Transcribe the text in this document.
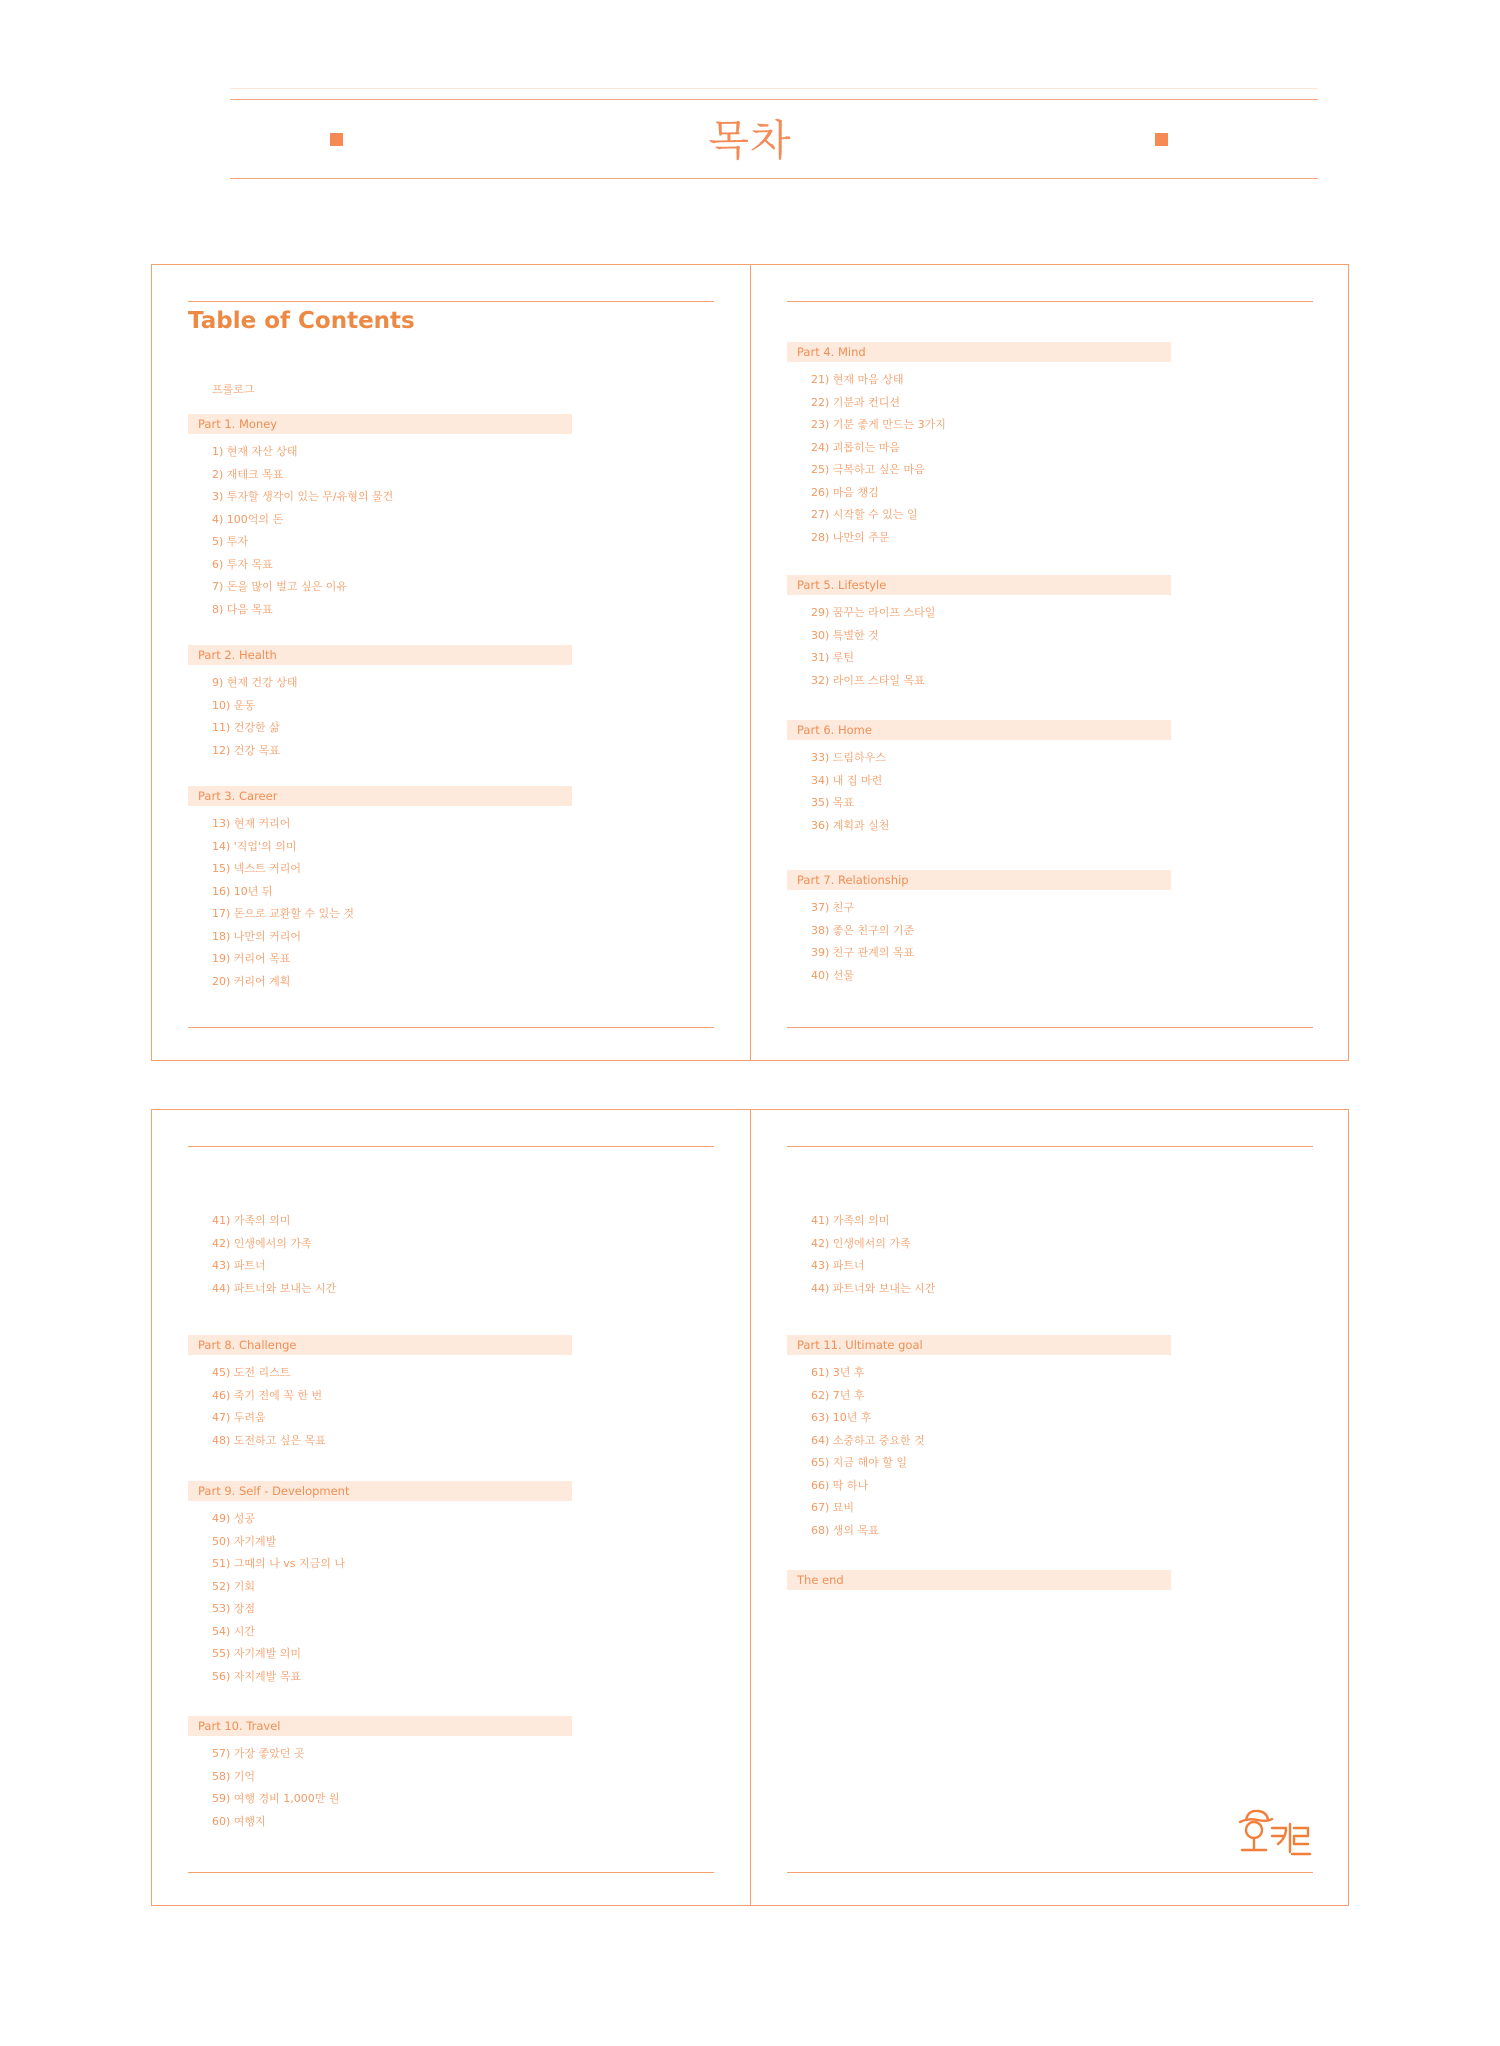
목차
Table of Contents
프롤로그
Part 1. Money
1) 현재 자산 상태
2) 재테크 목표
3) 투자할 생각이 있는 무/유형의 물건
4) 100억의 돈
5) 투자
6) 투자 목표
7) 돈을 많이 벌고 싶은 이유
8) 다음 목표
Part 2. Health
9) 현재 건강 상태
10) 운동
11) 건강한 삶
12) 건강 목표
Part 3. Career
13) 현재 커리어
14) '직업'의 의미
15) 넥스트 커리어
16) 10년 뒤
17) 돈으로 교환할 수 있는 것
18) 나만의 커리어
19) 커리어 목표
20) 커리어 계획
Part 4. Mind
21) 현재 마음 상태
22) 기분과 컨디션
23) 기분 좋게 만드는 3가지
24) 괴롭히는 마음
25) 극복하고 싶은 마음
26) 마음 챙김
27) 시작할 수 있는 일
28) 나만의 주문
Part 5. Lifestyle
29) 꿈꾸는 라이프 스타일
30) 특별한 것
31) 루틴
32) 라이프 스타일 목표
Part 6. Home
33) 드림하우스
34) 내 집 마련
35) 목표
36) 계획과 실천
Part 7. Relationship
37) 친구
38) 좋은 친구의 기준
39) 친구 관계의 목표
40) 선물
41) 가족의 의미
42) 인생에서의 가족
43) 파트너
44) 파트너와 보내는 시간
Part 8. Challenge
45) 도전 리스트
46) 죽기 전에 꼭 한 번
47) 두려움
48) 도전하고 싶은 목표
Part 9. Self - Development
49) 성공
50) 자기계발
51) 그때의 나 vs 지금의 나
52) 기회
53) 장점
54) 시간
55) 자기계발 의미
56) 자지계발 목표
Part 10. Travel
57) 가장 좋았던 곳
58) 기억
59) 여행 경비 1,000만 원
60) 여행지
41) 가족의 의미
42) 인생에서의 가족
43) 파트너
44) 파트너와 보내는 시간
Part 11. Ultimate goal
61) 3년 후
62) 7년 후
63) 10년 후
64) 소중하고 중요한 것
65) 지금 해야 할 일
66) 딱 하나
67) 묘비
68) 생의 목표
The end
